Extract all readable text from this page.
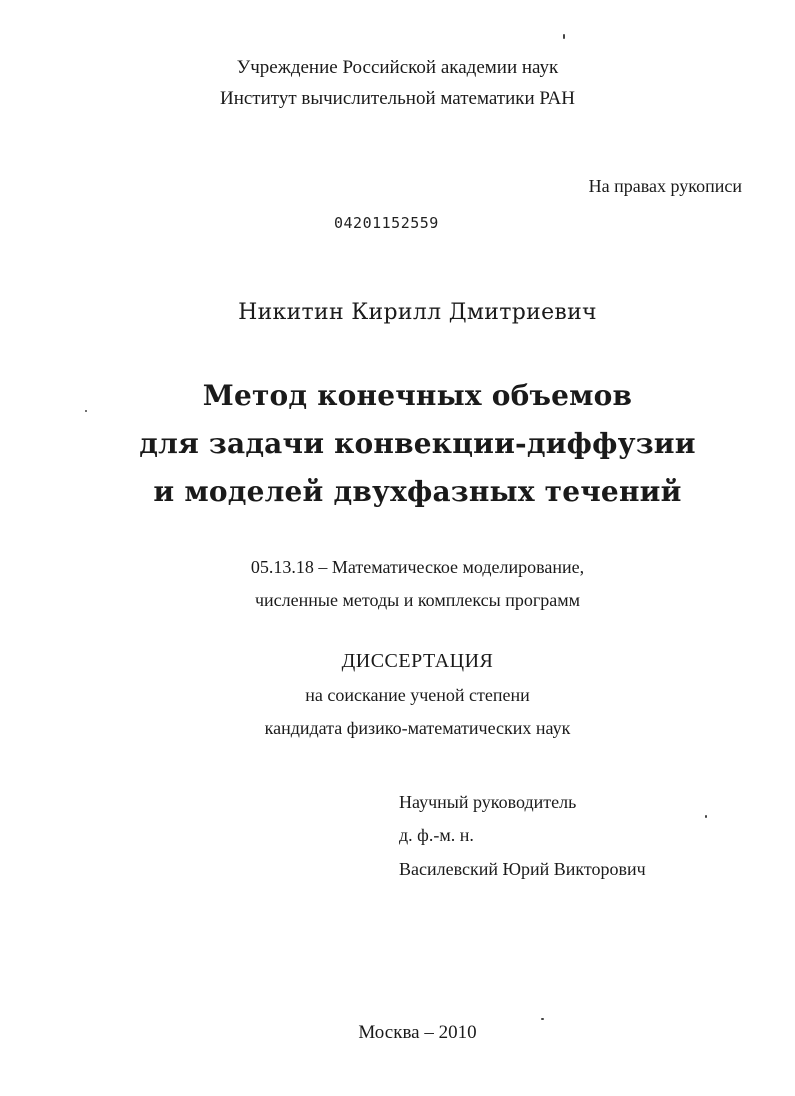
Учреждение Российской академии наук
Институт вычислительной математики РАН
На правах рукописи
04201152559
Никитин Кирилл Дмитриевич
Метод конечных объемов
для задачи конвекции-диффузии
и моделей двухфазных течений
05.13.18 – Математическое моделирование,
численные методы и комплексы программ
ДИССЕРТАЦИЯ
на соискание ученой степени
кандидата физико-математических наук
Научный руководитель
д. ф.-м. н.
Василевский Юрий Викторович
Москва – 2010
